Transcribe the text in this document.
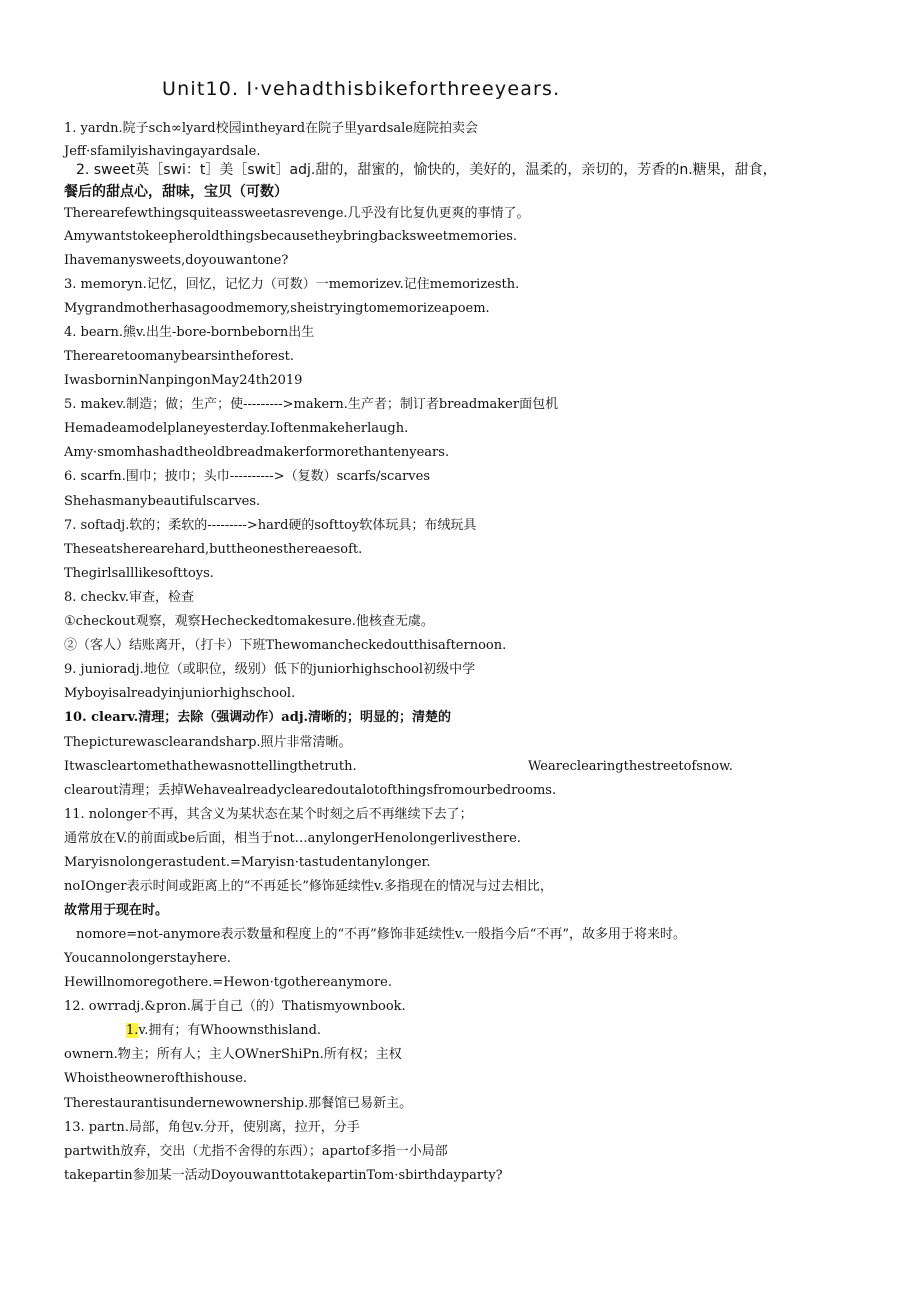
Unit10. I·vehadthisbikeforthreeyears.
1. yardn.院子sch∞lyard校园intheyard在院子里yardsale庭院拍卖会
Jeff·sfamilyishavingayardsale.
2. sweet英［swi：t］美［swit］adj.甜的，甜蜜的，愉快的，美好的，温柔的，亲切的，芳香的n.糖果，甜食，
餐后的甜点心，甜味，宝贝（可数）
Therearefewthingsquiteassweetasrevenge.几乎没有比复仇更爽的事情了。
Amywantstokeepheroldthingsbecausetheybringbacksweetmemories.
Ihavemanysweets,doyouwantone?
3. memoryn.记忆，回忆，记忆力（可数）一memorizev.记住memorizesth.
Mygrandmotherhasagoodmemory,sheistryingtomemorizeapoem.
4. bearn.熊v.出生-bore-bornbeborn出生
Therearetoomanybearsintheforest.
IwasborninNanpingonMay24th2019
5. makev.制造；做；生产；使--------->makern.生产者；制订者breadmaker面包机
Hemadeamodelplaneyesterday.Ioftenmakeherlaugh.
Amy·smomhashadtheoldbreadmakerformorethantenyears.
6. scarfn.围巾；披巾；头巾---------->（复数）scarfs/scarves
Shehasmanybeautifulscarves.
7. softadj.软的；柔软的--------->hard硬的softtoy软体玩具；布绒玩具
Theseatsherearehard,buttheonesthereaesoft.
Thegirlsalllikesofttoys.
8. checkv.审查，检查
①checkout观察，观察Hecheckedtomakesure.他核查无虞。
②（客人）结账离开，（打卡）下班Thewomancheckedoutthisafternoon.
9. junioradj.地位（或职位，级别）低下的juniorhighschool初级中学
Myboyisalreadyinjuniorhighschool.
10. clearv.清理；去除（强调动作）adj.清晰的；明显的；清楚的
Thepicturewasclearandsharp.照片非常清晰。
Itwascleartomethathewasnottellingthetruth.	Weareclearingthestreetofsnow.
clearout清理；丢掉Wehavealreadyclearedoutalotofthingsfromourbedrooms.
11. nolonger不再，其含义为某状态在某个时刻之后不再继续下去了；
通常放在V.的前面或be后面，相当于not…anylongerHenolongerlivesthere.
Maryisnolongerastudent.=Maryisn·tastudentanylonger.
noIOnger表示时间或距离上的“不再延长”修饰延续性v.多指现在的情况与过去相比，
故常用于现在时。
nomore=not-anymore表示数量和程度上的“不再”修饰非延续性v.一般指今后“不再”，故多用于将来时。
Youcannolongerstayhere.
Hewillnomoregothere.=Hewon·tgothereanymore.
12. owrradj.&pron.属于自己（的）Thatismyownbook.
1.v.拥有；有Whoownsthisland.
ownern.物主；所有人；主人OWnerShiPn.所有权；主权
Whoistheownerofthishouse.
Therestaurantisundernewownership.那餐馆已易新主。
13. partn.局部，角包v.分开，使别离，拉开，分手
partwith放弃，交出（尤指不舍得的东西）；apartof多指一小局部
takepartin参加某一活动DoyouwanttotakepartinTom·sbirthdayparty?
